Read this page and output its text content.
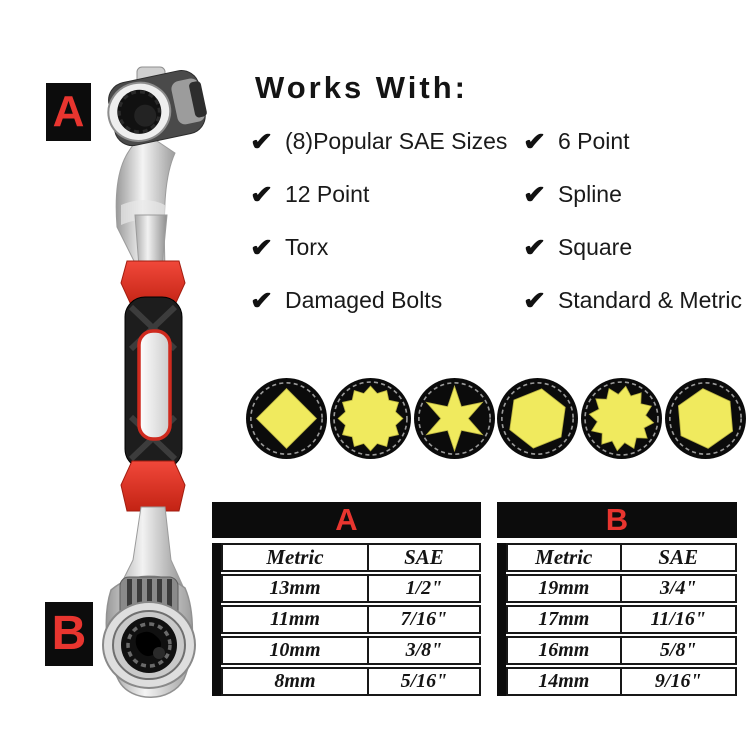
A
B
Works With:
✔ (8)Popular SAE Sizes
✔ 12 Point
✔ Torx
✔ Damaged Bolts
✔ 6 Point
✔ Spline
✔ Square
✔ Standard & Metric
A
Metric	SAE
13mm	1/2"
11mm	7/16"
10mm	3/8"
8mm	5/16"
B
Metric	SAE
19mm	3/4"
17mm	11/16"
16mm	5/8"
14mm	9/16"
